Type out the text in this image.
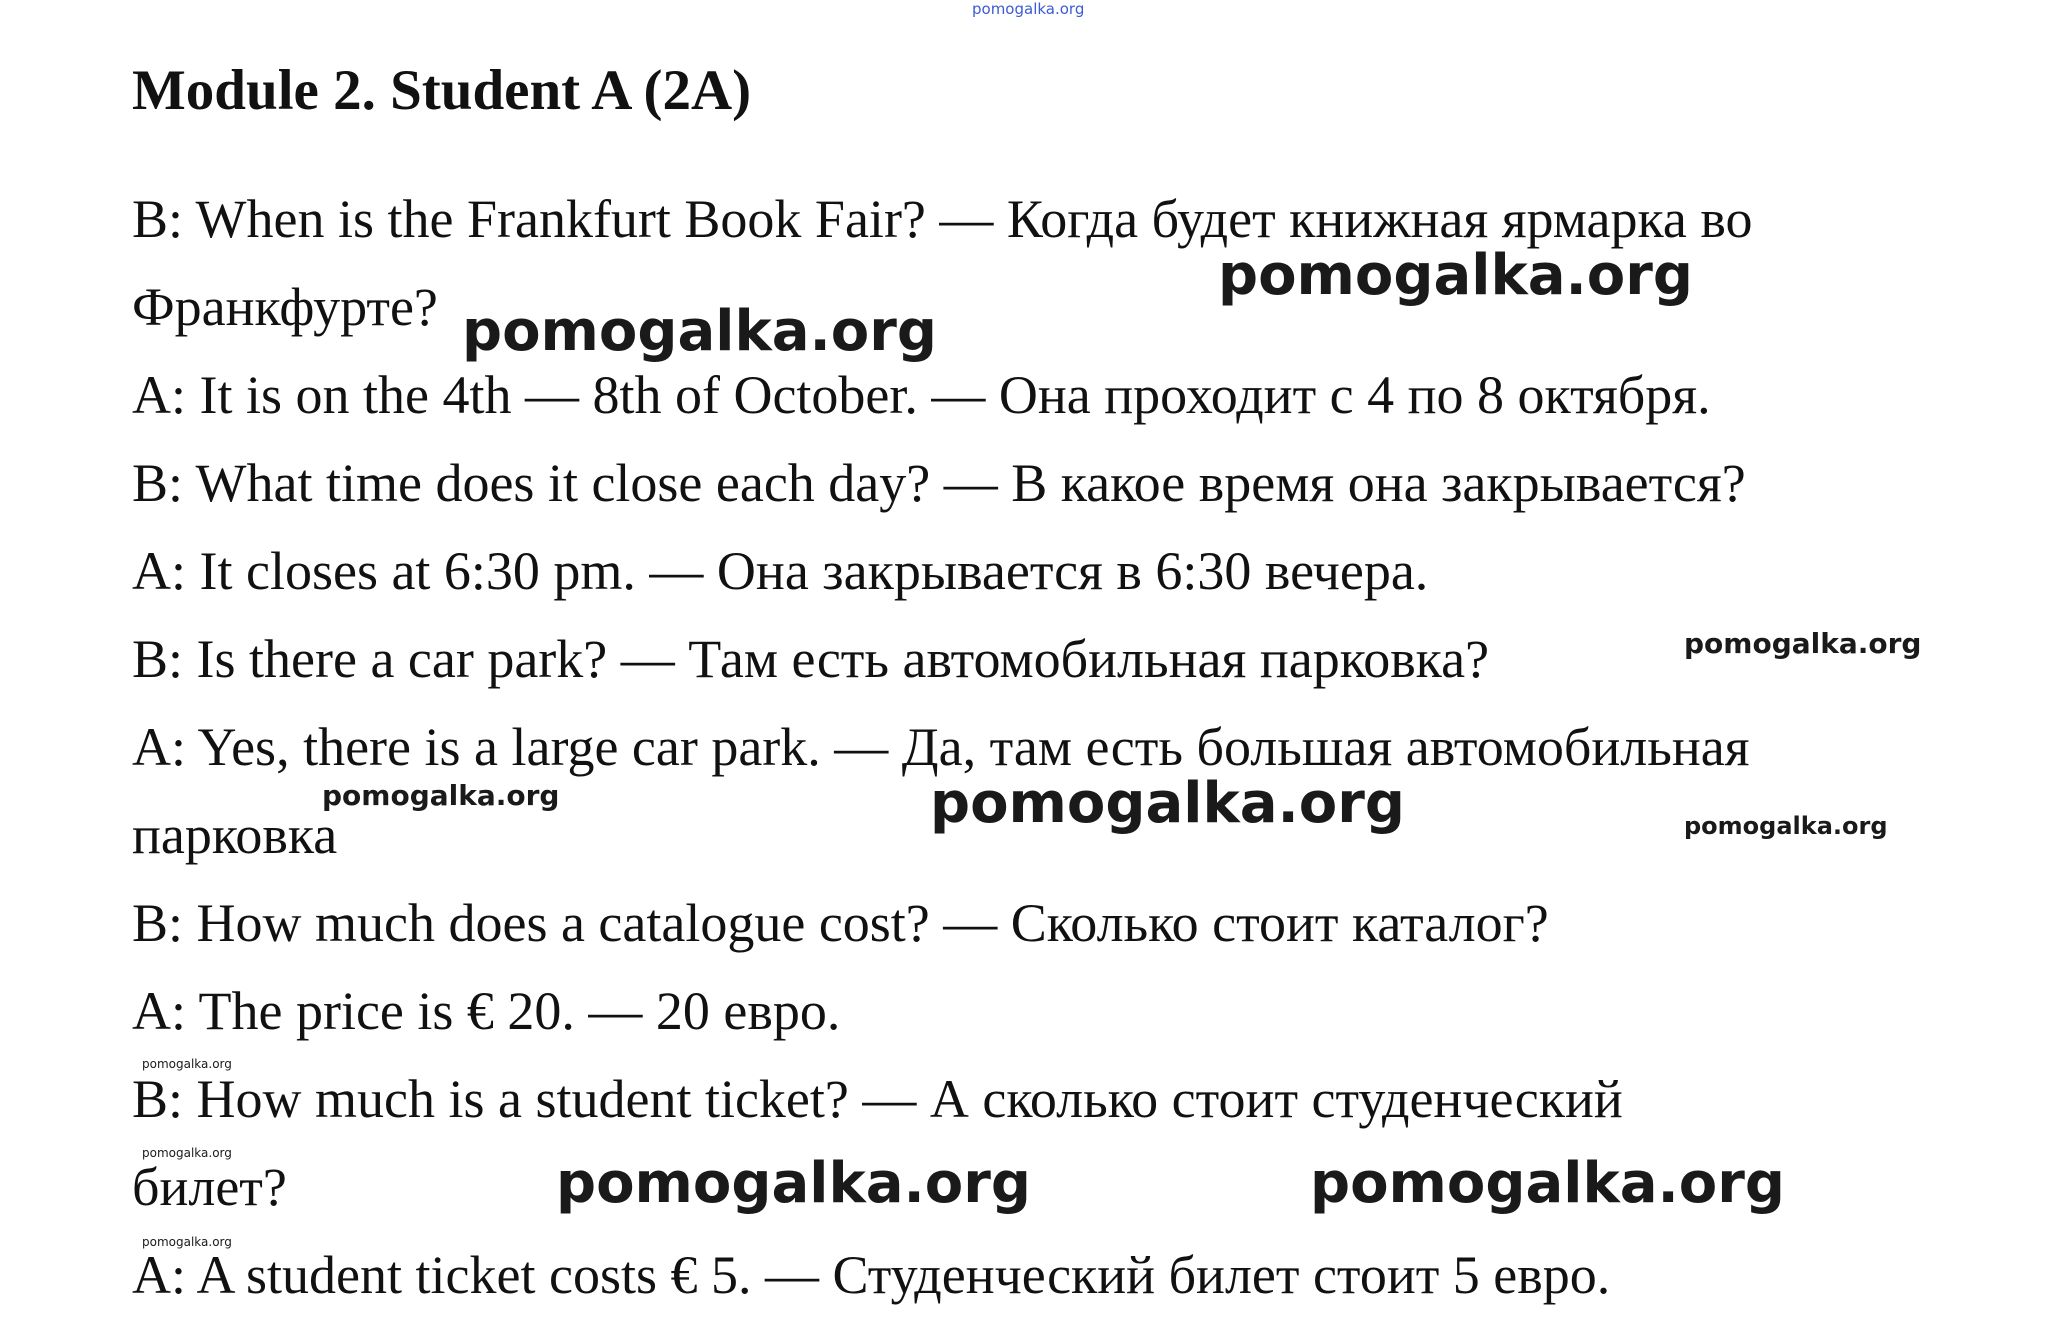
pomogalka.org
Module 2. Student A (2A)

B: When is the Frankfurt Book Fair? — Когда будет книжная ярмарка во

Франкфурте?

A: It is on the 4th — 8th of October. — Она проходит с 4 по 8 октября.

B: What time does it close each day? — В какое время она закрывается?

A: It closes at 6:30 pm. — Она закрывается в 6:30 вечера.

B: Is there a car park? — Там есть автомобильная парковка?

A: Yes, there is a large car park. — Да, там есть большая автомобильная

парковка

B: How much does a catalogue cost? — Сколько стоит каталог?

A: The price is € 20. — 20 евро.

B: How much is a student ticket? — А сколько стоит студенческий

билет?

A: A student ticket costs € 5. — Студенческий билет стоит 5 евро.

pomogalka.org
pomogalka.org
pomogalka.org
pomogalka.org	pomogalka.org	pomogalka.org
pomogalka.org
pomogalka.org	pomogalka.org	pomogalka.org
pomogalka.org
